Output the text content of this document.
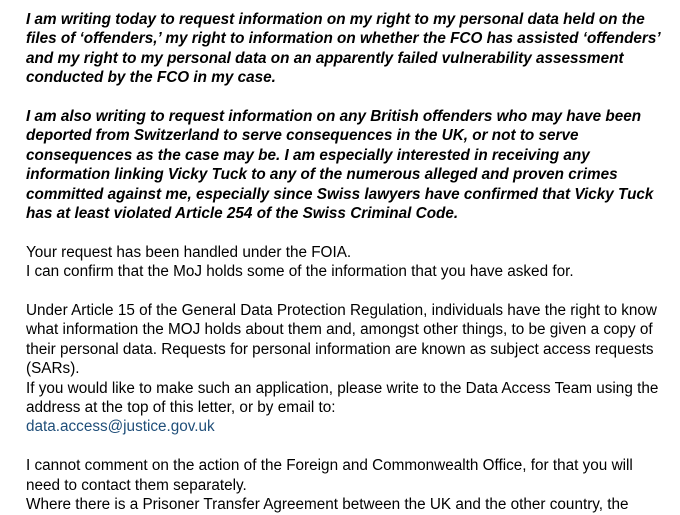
I am writing today to request information on my right to my personal data held on the files of ‘offenders,’ my right to information on whether the FCO has assisted ‘offenders’ and my right to my personal data on an apparently failed vulnerability assessment conducted by the FCO in my case.

I am also writing to request information on any British offenders who may have been deported from Switzerland to serve consequences in the UK, or not to serve consequences as the case may be. I am especially interested in receiving any information linking Vicky Tuck to any of the numerous alleged and proven crimes committed against me, especially since Swiss lawyers have confirmed that Vicky Tuck has at least violated Article 254 of the Swiss Criminal Code.

Your request has been handled under the FOIA.

I can confirm that the MoJ holds some of the information that you have asked for.

Under Article 15 of the General Data Protection Regulation, individuals have the right to know what information the MOJ holds about them and, amongst other things, to be given a copy of their personal data. Requests for personal information are known as subject access requests (SARs).

If you would like to make such an application, please write to the Data Access Team using the address at the top of this letter, or by email to:

data.access@justice.gov.uk

I cannot comment on the action of the Foreign and Commonwealth Office, for that you will need to contact them separately.

Where there is a Prisoner Transfer Agreement between the UK and the other country, the
